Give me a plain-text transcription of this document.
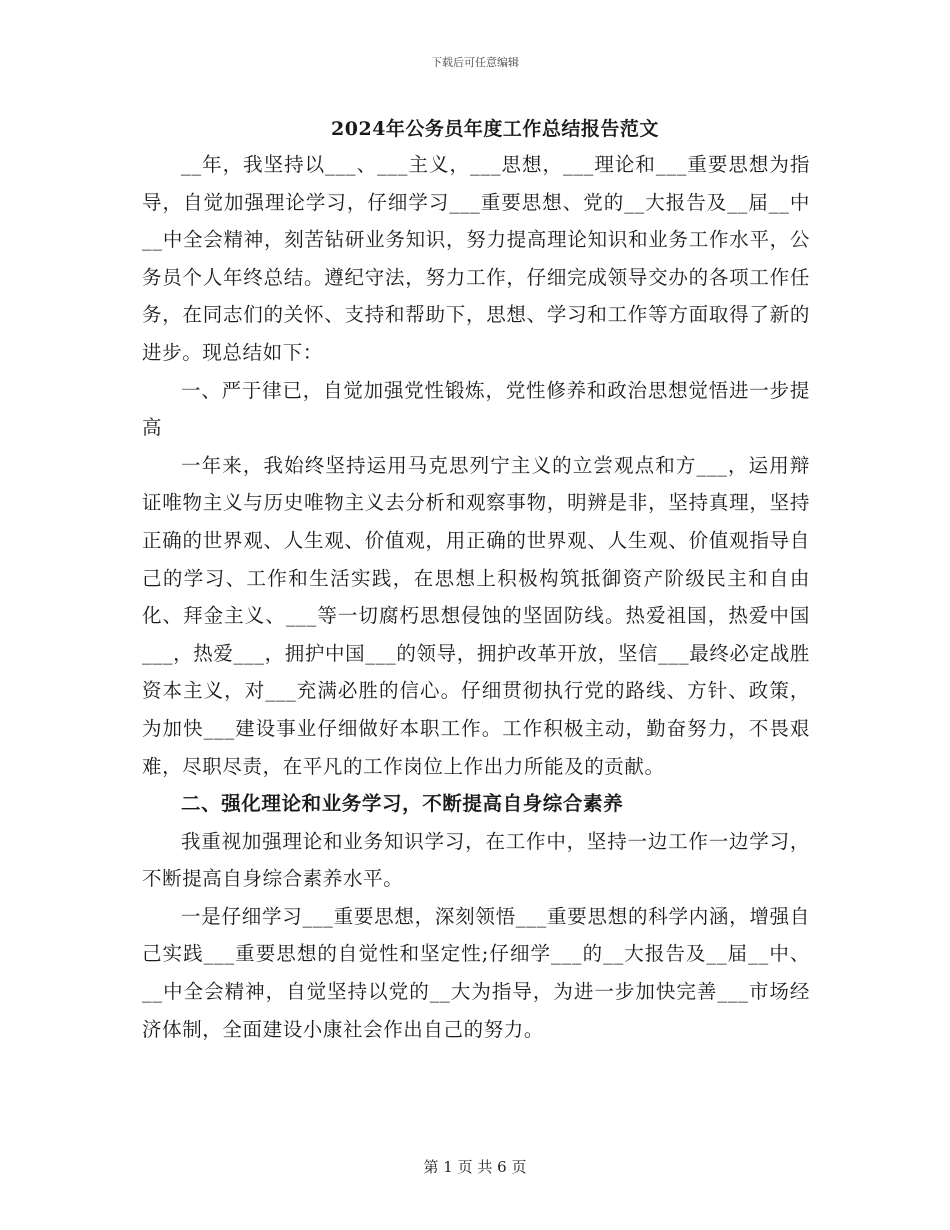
下载后可任意编辑
2024年公务员年度工作总结报告范文

__年，我坚持以___、___主义，___思想，___理论和___重要思想为指导，自觉加强理论学习，仔细学习___重要思想、党的__大报告及__届__中__中全会精神，刻苦钻研业务知识，努力提高理论知识和业务工作水平，公务员个人年终总结。遵纪守法，努力工作，仔细完成领导交办的各项工作任务，在同志们的关怀、支持和帮助下，思想、学习和工作等方面取得了新的进步。现总结如下：

一、严于律已，自觉加强党性锻炼，党性修养和政治思想觉悟进一步提高

一年来，我始终坚持运用马克思列宁主义的立尝观点和方___，运用辩证唯物主义与历史唯物主义去分析和观察事物，明辨是非，坚持真理，坚持正确的世界观、人生观、价值观，用正确的世界观、人生观、价值观指导自己的学习、工作和生活实践，在思想上积极构筑抵御资产阶级民主和自由化、拜金主义、___等一切腐朽思想侵蚀的坚固防线。热爱祖国，热爱中国___，热爱___，拥护中国___的领导，拥护改革开放，坚信___最终必定战胜资本主义，对___充满必胜的信心。仔细贯彻执行党的路线、方针、政策，为加快___建设事业仔细做好本职工作。工作积极主动，勤奋努力，不畏艰难，尽职尽责，在平凡的工作岗位上作出力所能及的贡献。

二、强化理论和业务学习，不断提高自身综合素养

我重视加强理论和业务知识学习，在工作中，坚持一边工作一边学习，不断提高自身综合素养水平。

一是仔细学习___重要思想，深刻领悟___重要思想的科学内涵，增强自己实践___重要思想的自觉性和坚定性;仔细学___的__大报告及__届__中、__中全会精神，自觉坚持以党的__大为指导，为进一步加快完善___市场经济体制，全面建设小康社会作出自己的努力。

第 1 页 共 6 页
